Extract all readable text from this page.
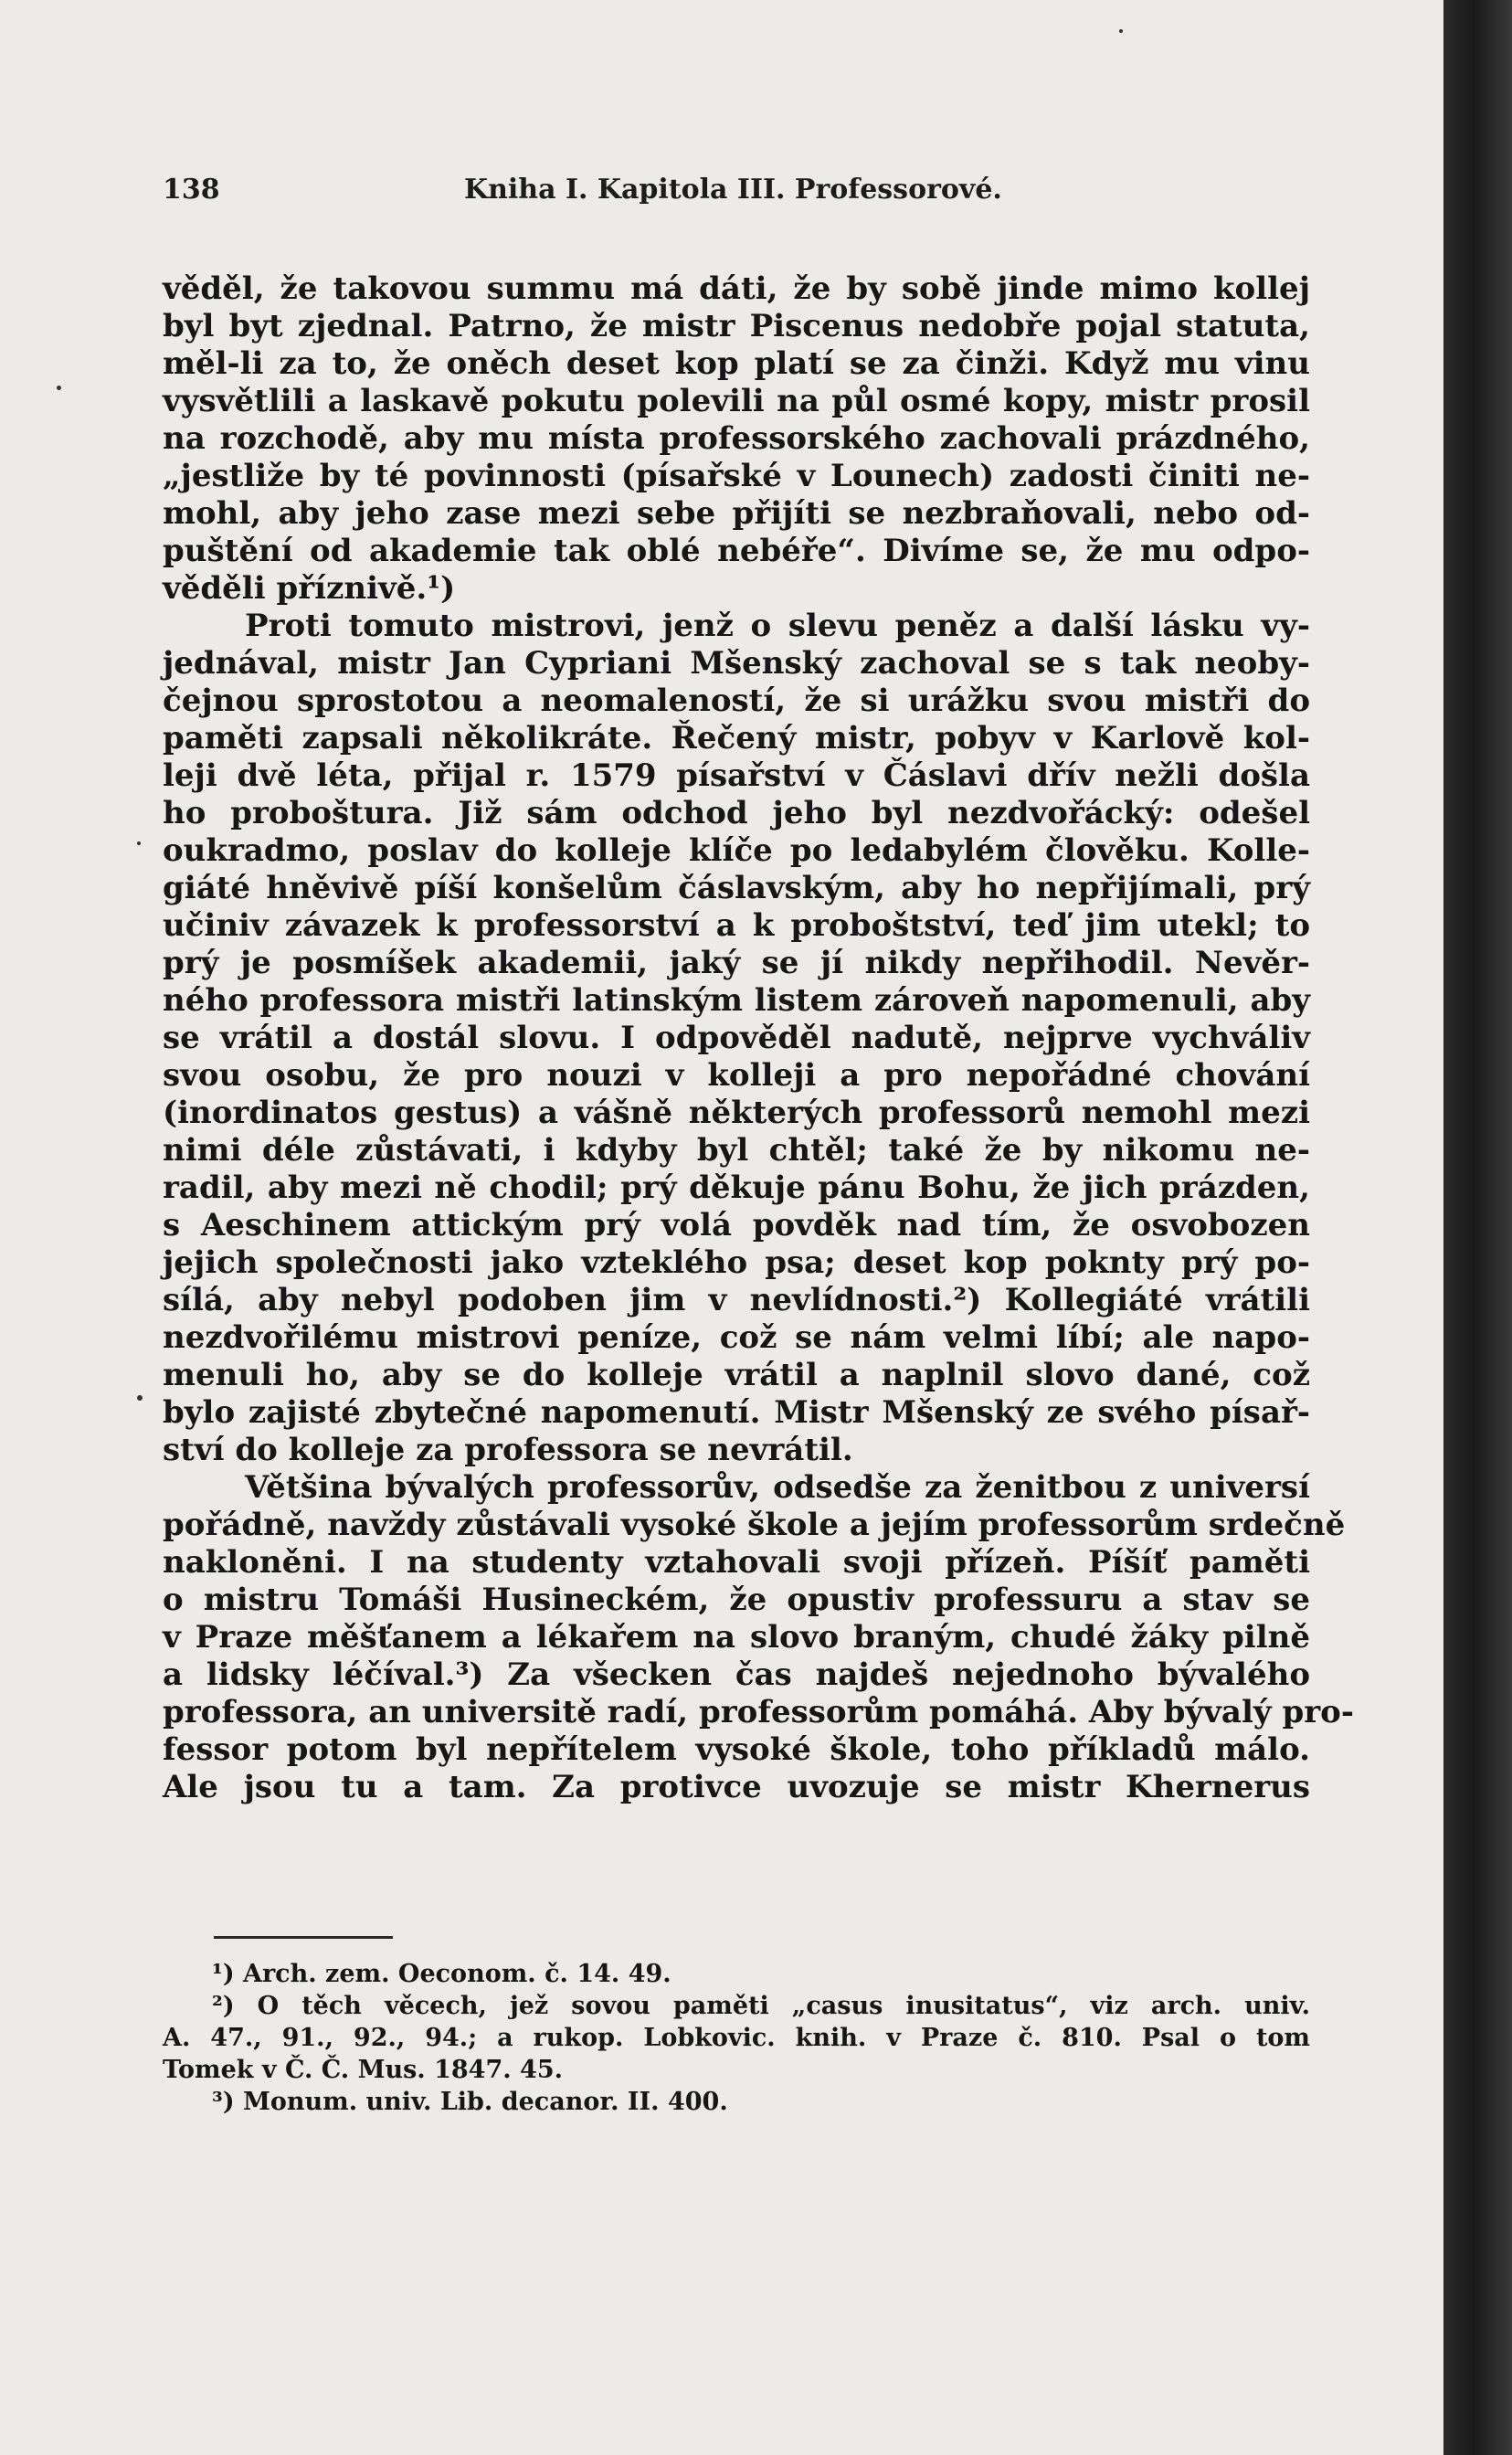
138	Kniha I. Kapitola III. Professorové.
věděl, že takovou summu má dáti, že by sobě jinde mimo kollej
byl byt zjednal. Patrno, že mistr Piscenus nedobře pojal statuta,
měl-li za to, že oněch deset kop platí se za činži. Když mu vinu
vysvětlili a laskavě pokutu polevili na půl osmé kopy, mistr prosil
na rozchodě, aby mu místa professorského zachovali prázdného,
„jestliže by té povinnosti (písařské v Lounech) zadosti činiti ne-
mohl, aby jeho zase mezi sebe přijíti se nezbraňovali, nebo od-
puštění od akademie tak oblé nebéře“. Divíme se, že mu odpo-
věděli příznivě.¹)
Proti tomuto mistrovi, jenž o slevu peněz a další lásku vy-
jednával, mistr Jan Cypriani Mšenský zachoval se s tak neoby-
čejnou sprostotou a neomaleností, že si urážku svou mistři do
paměti zapsali několikráte. Řečený mistr, pobyv v Karlově kol-
leji dvě léta, přijal r. 1579 písařství v Čáslavi dřív nežli došla
ho proboštura. Již sám odchod jeho byl nezdvořácký: odešel
oukradmo, poslav do kolleje klíče po ledabylém člověku. Kolle-
giáté hněvivě píší konšelům čáslavským, aby ho nepřijímali, prý
učiniv závazek k professorství a k proboštství, teď jim utekl; to
prý je posmíšek akademii, jaký se jí nikdy nepřihodil. Nevěr-
ného professora mistři latinským listem zároveň napomenuli, aby
se vrátil a dostál slovu. I odpověděl nadutě, nejprve vychváliv
svou osobu, že pro nouzi v kolleji a pro nepořádné chování
(inordinatos gestus) a vášně některých professorů nemohl mezi
nimi déle zůstávati, i kdyby byl chtěl; také že by nikomu ne-
radil, aby mezi ně chodil; prý děkuje pánu Bohu, že jich prázden,
s Aeschinem attickým prý volá povděk nad tím, že osvobozen
jejich společnosti jako vzteklého psa; deset kop poknty prý po-
sílá, aby nebyl podoben jim v nevlídnosti.²) Kollegiáté vrátili
nezdvořilému mistrovi peníze, což se nám velmi líbí; ale napo-
menuli ho, aby se do kolleje vrátil a naplnil slovo dané, což
bylo zajisté zbytečné napomenutí. Mistr Mšenský ze svého písař-
ství do kolleje za professora se nevrátil.
Většina bývalých professorův, odsedše za ženitbou z universí
pořádně, navždy zůstávali vysoké škole a jejím professorům srdečně
nakloněni. I na studenty vztahovali svoji přízeň. Píšíť paměti
o mistru Tomáši Husineckém, že opustiv professuru a stav se
v Praze měšťanem a lékařem na slovo braným, chudé žáky pilně
a lidsky léčíval.³) Za všecken čas najdeš nejednoho bývalého
professora, an universitě radí, professorům pomáhá. Aby bývalý pro-
fessor potom byl nepřítelem vysoké škole, toho příkladů málo.
Ale jsou tu a tam. Za protivce uvozuje se mistr Khernerus
¹) Arch. zem. Oeconom. č. 14. 49.
²) O těch věcech, jež sovou paměti „casus inusitatus“, viz arch. univ.
A. 47., 91., 92., 94.; a rukop. Lobkovic. knih. v Praze č. 810. Psal o tom
Tomek v Č. Č. Mus. 1847. 45.
³) Monum. univ. Lib. decanor. II. 400.
